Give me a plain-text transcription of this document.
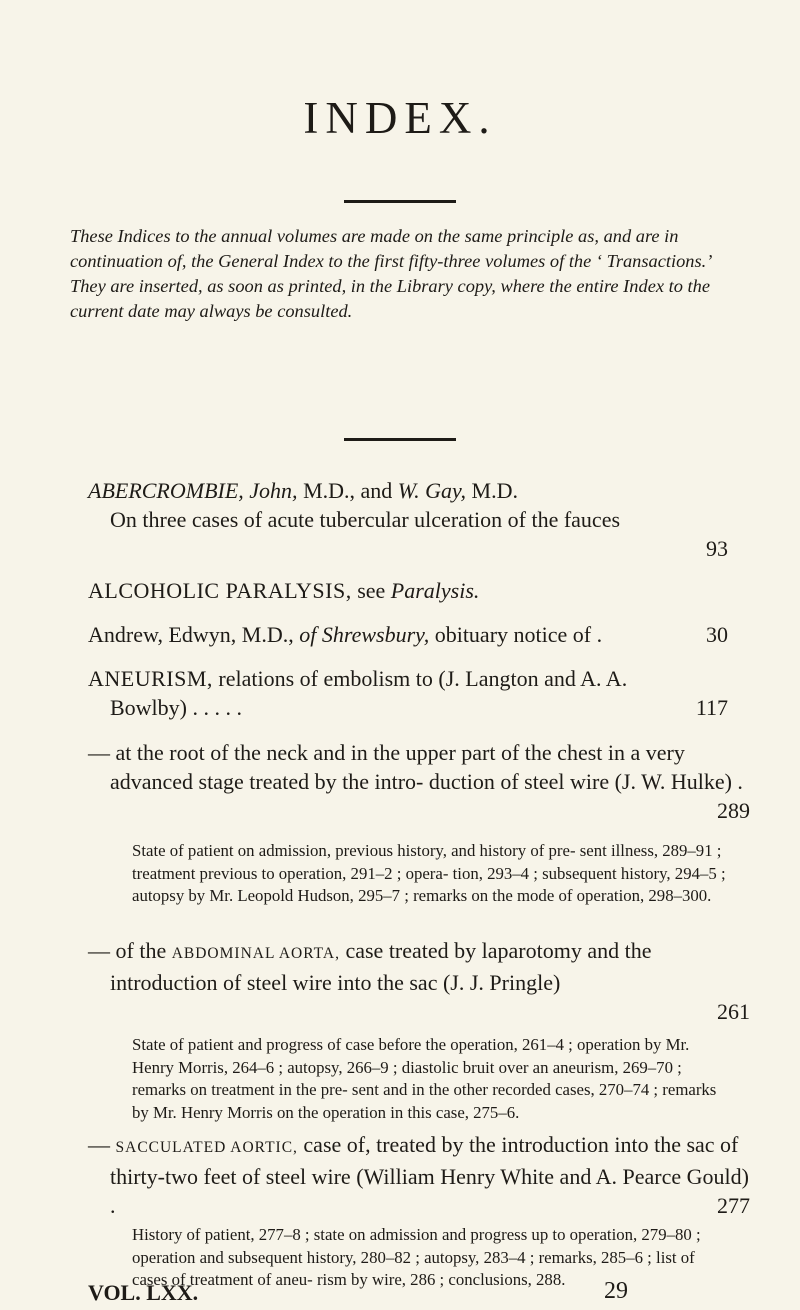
INDEX.
These Indices to the annual volumes are made on the same principle as, and are in continuation of, the General Index to the first fifty-three volumes of the ‘ Transactions.’ They are inserted, as soon as printed, in the Library copy, where the entire Index to the current date may always be consulted.
ABERCROMBIE, John, M.D., and W. Gay, M.D.
On three cases of acute tubercular ulceration of the fauces
93
ALCOHOLIC PARALYSIS, see Paralysis.
Andrew, Edwyn, M.D., of Shrewsbury, obituary notice of .	30
ANEURISM, relations of embolism to (J. Langton and A. A.
Bowlby) . . . . .	117
— at the root of the neck and in the upper part of the chest in a very advanced stage treated by the intro- duction of steel wire (J. W. Hulke) .
289
State of patient on admission, previous history, and history of pre- sent illness, 289–91 ; treatment previous to operation, 291–2 ; opera- tion, 293–4 ; subsequent history, 294–5 ; autopsy by Mr. Leopold Hudson, 295–7 ; remarks on the mode of operation, 298–300.
— of the ABDOMINAL AORTA, case treated by laparotomy and the introduction of steel wire into the sac (J. J. Pringle)
261
State of patient and progress of case before the operation, 261–4 ; operation by Mr. Henry Morris, 264–6 ; autopsy, 266–9 ; diastolic bruit over an aneurism, 269–70 ; remarks on treatment in the pre- sent and in the other recorded cases, 270–74 ; remarks by Mr. Henry Morris on the operation in this case, 275–6.
— SACCULATED AORTIC, case of, treated by the introduction into the sac of thirty-two feet of steel wire (William Henry White and A. Pearce Gould) .	277
History of patient, 277–8 ; state on admission and progress up to operation, 279–80 ; operation and subsequent history, 280–82 ; autopsy, 283–4 ; remarks, 285–6 ; list of cases of treatment of aneu- rism by wire, 286 ; conclusions, 288.
VOL. LXX.	29
